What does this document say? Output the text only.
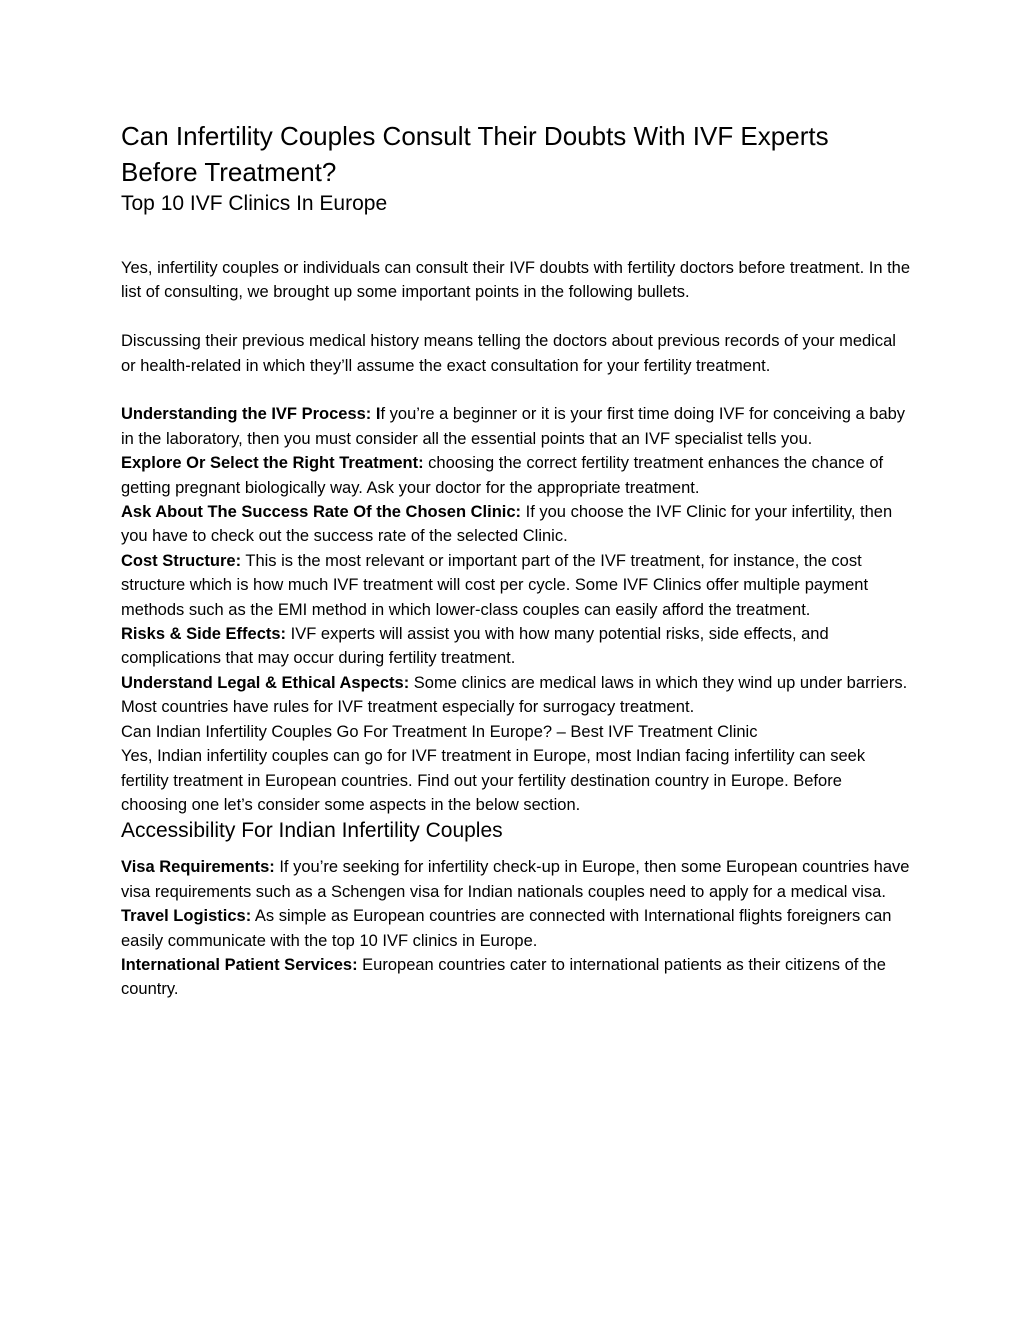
Can Infertility Couples Consult Their Doubts With IVF Experts Before Treatment?
Top 10 IVF Clinics In Europe

Yes, infertility couples or individuals can consult their IVF doubts with fertility doctors before treatment. In the list of consulting, we brought up some important points in the following bullets.

Discussing their previous medical history means telling the doctors about previous records of your medical or health-related in which they’ll assume the exact consultation for your fertility treatment.

Understanding the IVF Process: If you’re a beginner or it is your first time doing IVF for conceiving a baby in the laboratory, then you must consider all the essential points that an IVF specialist tells you.

Explore Or Select the Right Treatment: choosing the correct fertility treatment enhances the chance of getting pregnant biologically way. Ask your doctor for the appropriate treatment.

Ask About The Success Rate Of the Chosen Clinic: If you choose the IVF Clinic for your infertility, then you have to check out the success rate of the selected Clinic.

Cost Structure: This is the most relevant or important part of the IVF treatment, for instance, the cost structure which is how much IVF treatment will cost per cycle. Some IVF Clinics offer multiple payment methods such as the EMI method in which lower-class couples can easily afford the treatment.

Risks & Side Effects: IVF experts will assist you with how many potential risks, side effects, and complications that may occur during fertility treatment.

Understand Legal & Ethical Aspects: Some clinics are medical laws in which they wind up under barriers. Most countries have rules for IVF treatment especially for surrogacy treatment.

Can Indian Infertility Couples Go For Treatment In Europe? – Best IVF Treatment Clinic

Yes, Indian infertility couples can go for IVF treatment in Europe, most Indian facing infertility can seek fertility treatment in European countries. Find out your fertility destination country in Europe. Before choosing one let’s consider some aspects in the below section.

Accessibility For Indian Infertility Couples

Visa Requirements: If you’re seeking for infertility check-up in Europe, then some European countries have visa requirements such as a Schengen visa for Indian nationals couples need to apply for a medical visa.

Travel Logistics: As simple as European countries are connected with International flights foreigners can easily communicate with the top 10 IVF clinics in Europe.

International Patient Services: European countries cater to international patients as their citizens of the country.
